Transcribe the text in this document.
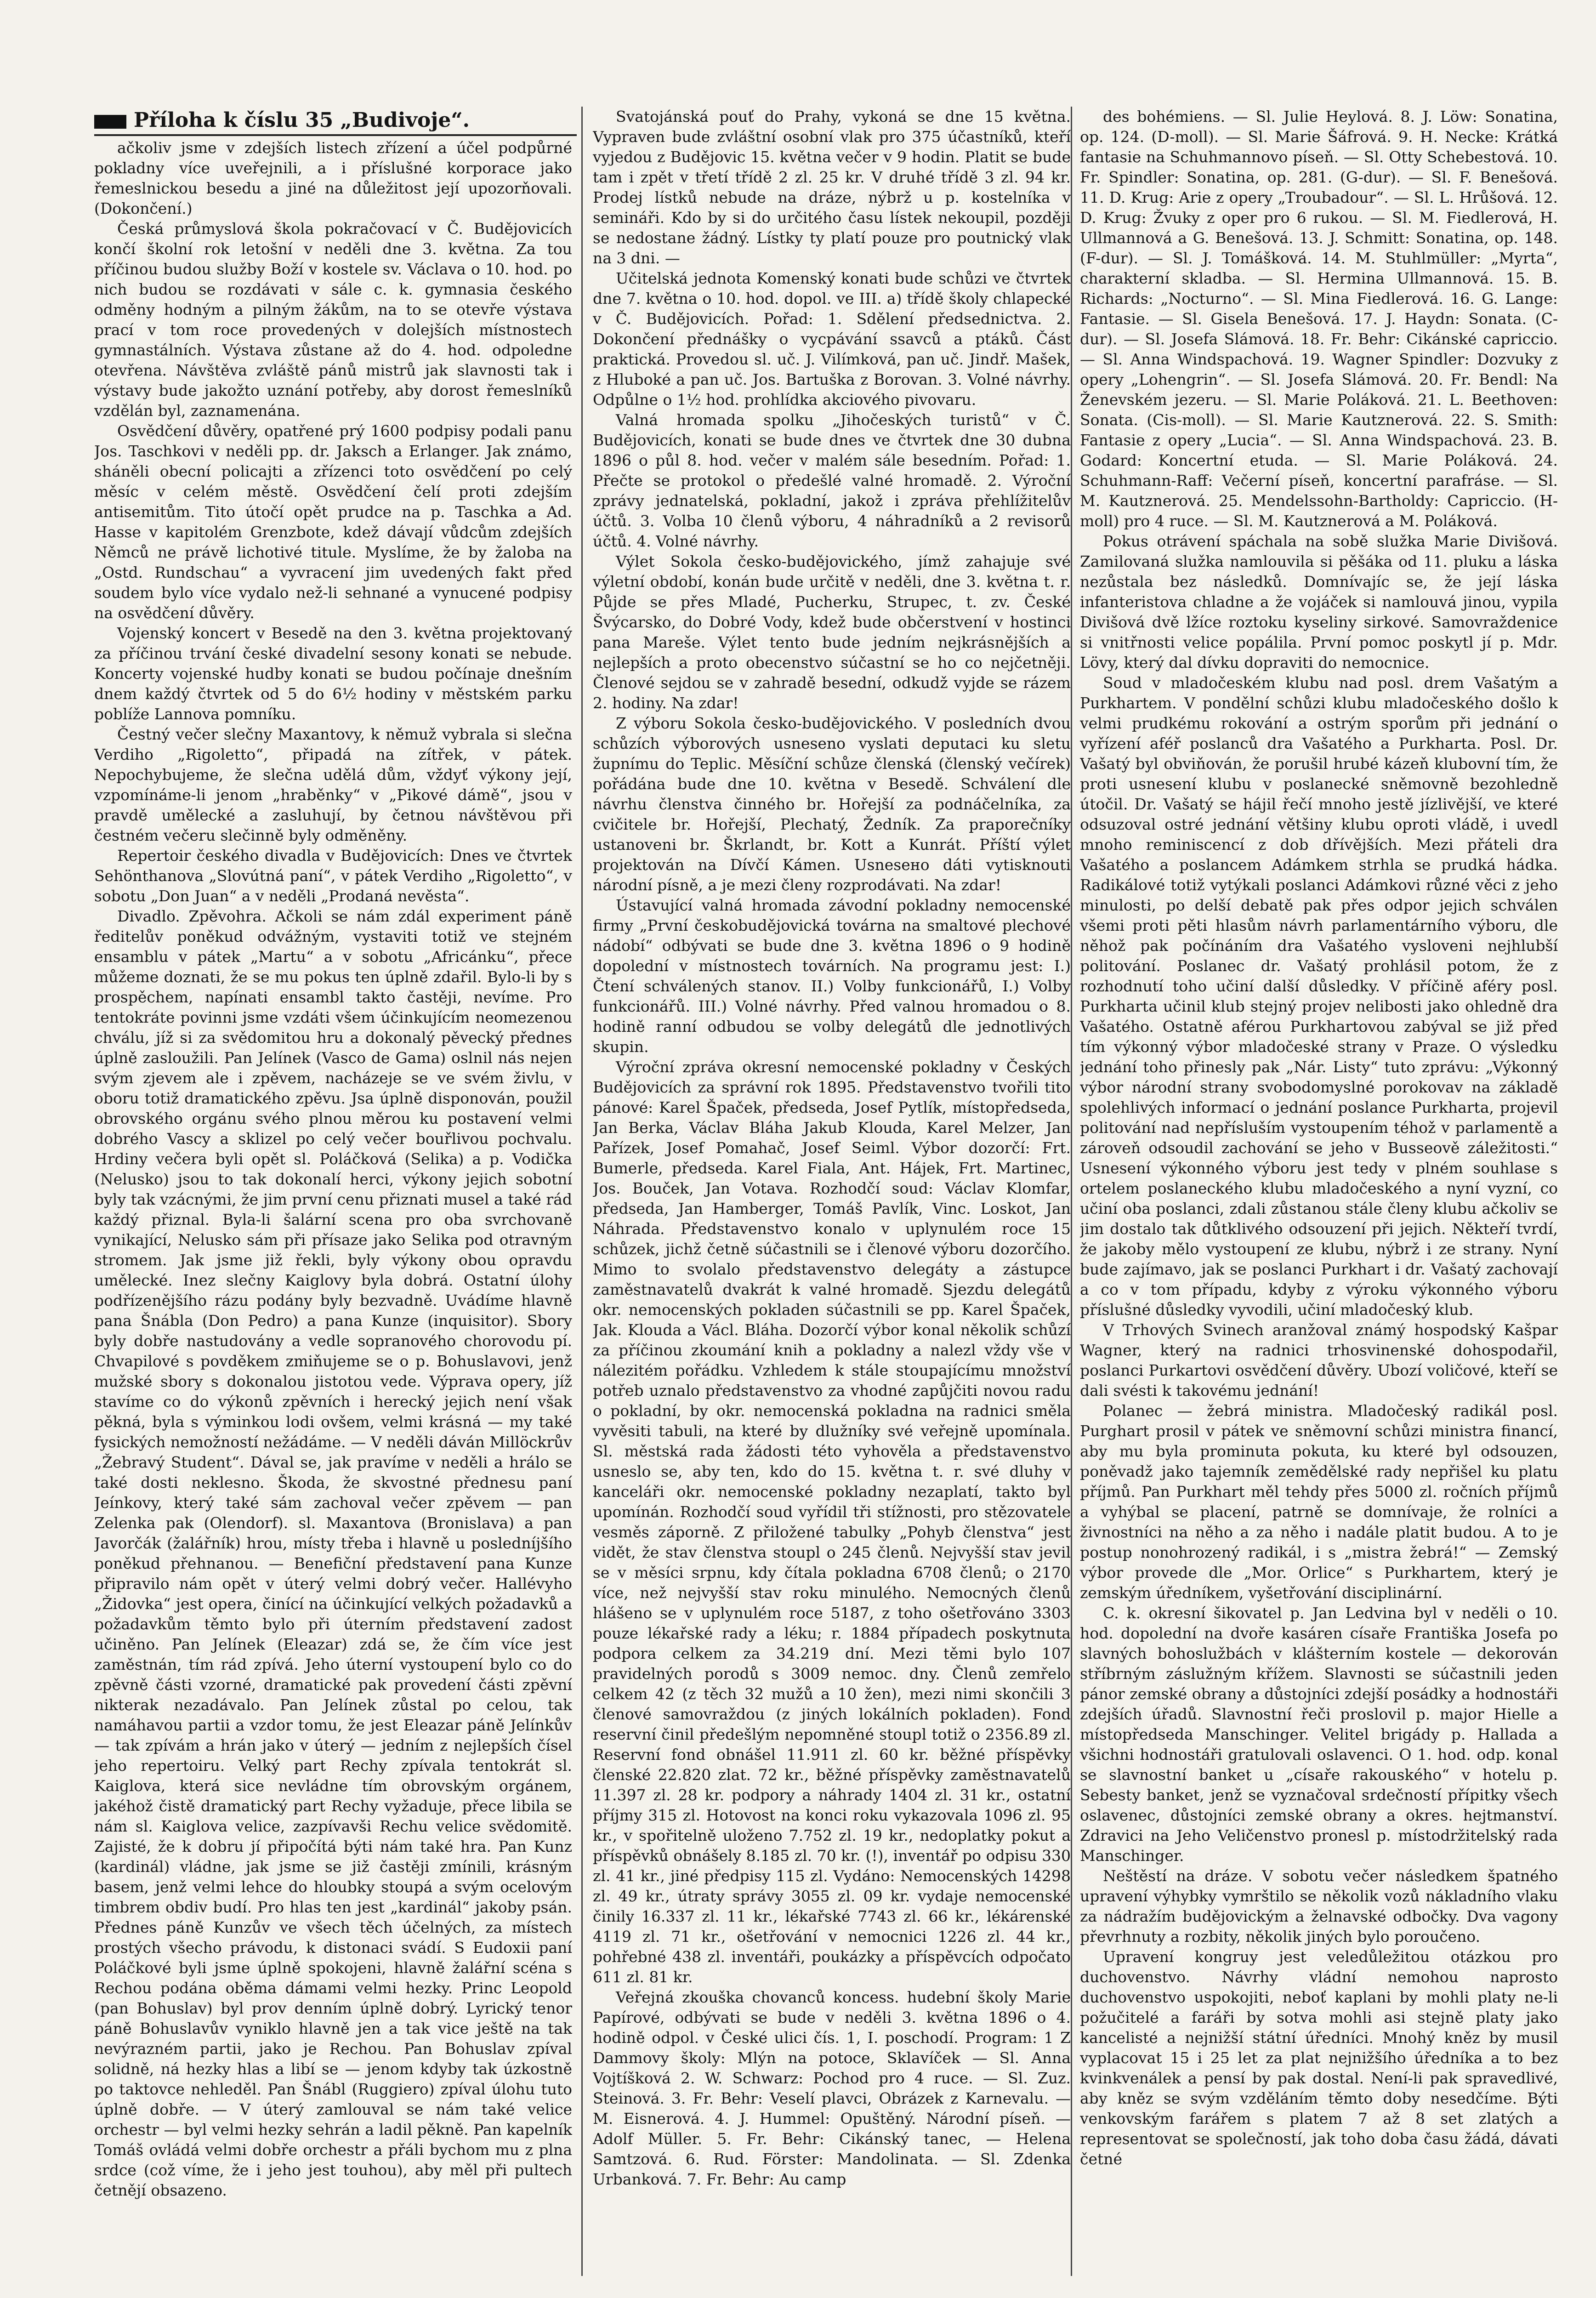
Příloha k číslu 35 „Budivoje“.

ačkoliv jsme v zdejších listech zřízení a účel podpůrné pokladny více uveřejnili, a i příslušné korporace jako řemeslnickou besedu a jiné na důležitost její upozorňovali. (Dokončení.)

Česká průmyslová škola pokračovací v Č. Budějovicích končí školní rok letošní v neděli dne 3. května. Za tou příčinou budou služby Boží v kostele sv. Václava o 10. hod. po nich budou se rozdávati v sále c. k. gymnasia českého odměny hodným a pilným žákům, na to se otevře výstava prací v tom roce provedených v dolejších místnostech gymnastálních. Výstava zůstane až do 4. hod. odpoledne otevřena. Návštěva zvláště pánů mistrů jak slavnosti tak i výstavy bude jakožto uznání potřeby, aby dorost řemeslníků vzdělán byl, zaznamenána.

Osvědčení důvěry, opatřené prý 1600 podpisy podali panu Jos. Taschkovi v neděli pp. dr. Jaksch a Erlanger. Jak známo, sháněli obecní policajti a zřízenci toto osvědčení po celý měsíc v celém městě. Osvědčení čelí proti zdejším antisemitům. Tito útočí opět prudce na p. Taschka a Ad. Hasse v kapitolém Grenzbote, kdež dávají vůdcům zdejších Němců ne právě lichotivé titule. Myslíme, že by žaloba na „Ostd. Rundschau“ a vyvracení jim uvedených fakt před soudem bylo více vydalo než-li sehnané a vynucené podpisy na osvědčení důvěry.

Vojenský koncert v Besedě na den 3. května projektovaný za příčinou trvání české divadelní sesony konati se nebude. Koncerty vojenské hudby konati se budou počínaje dnešním dnem každý čtvrtek od 5 do 6½ hodiny v městském parku poblíže Lannova pomníku.

Čestný večer slečny Maxantovy, k němuž vybrala si slečna Verdiho „Rigoletto“, připadá na zítřek, v pátek. Nepochybujeme, že slečna udělá dům, vždyť výkony její, vzpomínáme-li jenom „hraběnky“ v „Pikové dámě“, jsou v pravdě umělecké a zasluhují, by četnou návštěvou při čestném večeru slečinně byly odměněny.

Repertoir českého divadla v Budějovicích: Dnes ve čtvrtek Sehönthanova „Slovútná paní“, v pátek Verdiho „Rigoletto“, v sobotu „Don Juan“ a v neděli „Prodaná nevěsta“.

Divadlo. Zpěvohra. Ačkoli se nám zdál experiment páně ředitelův poněkud odvážným, vystaviti totiž ve stejném ensamblu v pátek „Martu“ a v sobotu „Africánku“, přece můžeme doznati, že se mu pokus ten úplně zdařil. Bylo-li by s prospěchem, napínati ensambl takto častěji, nevíme. Pro tentokráte povinni jsme vzdáti všem účinkujícím neomezenou chválu, jíž si za svědomitou hru a dokonalý pěvecký přednes úplně zasloužili. Pan Jelínek (Vasco de Gama) oslnil nás nejen svým zjevem ale i zpěvem, nacházeje se ve svém živlu, v oboru totiž dramatického zpěvu. Jsa úplně disponován, použil obrovského orgánu svého plnou měrou ku postavení velmi dobrého Vascy a sklizel po celý večer bouřlivou pochvalu. Hrdiny večera byli opět sl. Poláčková (Selika) a p. Vodička (Nelusko) jsou to tak dokonalí herci, výkony jejich sobotní byly tak vzácnými, že jim první cenu přiznati musel a také rád každý přiznal. Byla-li šalární scena pro oba svrchovaně vynikající, Nelusko sám při přísaze jako Selika pod otravným stromem. Jak jsme již řekli, byly výkony obou opravdu umělecké. Inez slečny Kaiglovy byla dobrá. Ostatní úlohy podřízenějšího rázu podány byly bezvadně. Uvádíme hlavně pana Šnábla (Don Pedro) a pana Kunze (inquisitor). Sbory byly dobře nastudovány a vedle sopranového chorovodu pí. Chvapilové s povděkem zmiňujeme se o p. Bohuslavovi, jenž mužské sbory s dokonalou jistotou vede. Výprava opery, jíž stavíme co do výkonů zpěvních i herecký jejich není však pěkná, byla s výminkou lodi ovšem, velmi krásná — my také fysických nemožností nežádáme. — V neděli dáván Millöckrův „Žebravý Student“. Dával se, jak pravíme v neděli a hrálo se také dosti neklesno. Škoda, že skvostné přednesu paní Jeínkovy, který také sám zachoval večer zpěvem — pan Zelenka pak (Olendorf). sl. Maxantova (Bronislava) a pan Javorčák (žalářník) hrou, místy třeba i hlavně u posledníjšího poněkud přehnanou. — Benefiční představení pana Kunze připravilo nám opět v úterý velmi dobrý večer. Hallévyho „Židovka“ jest opera, činící na účinkující velkých požadavků a požadavkům těmto bylo při úterním představení zadost učiněno. Pan Jelínek (Eleazar) zdá se, že čím více jest zaměstnán, tím rád zpívá. Jeho úterní vystoupení bylo co do zpěvně části vzorné, dramatické pak provedení části zpěvní nikterak nezadávalo. Pan Jelínek zůstal po celou, tak namáhavou partii a vzdor tomu, že jest Eleazar páně Jelínkův — tak zpívám a hrán jako v úterý — jedním z nejlepších čísel jeho repertoiru. Velký part Rechy zpívala tentokrát sl. Kaiglova, která sice nevládne tím obrovským orgánem, jakéhož čistě dramatický part Rechy vyžaduje, přece libila se nám sl. Kaiglova velice, zazpívavši Rechu velice svědomitě. Zajisté, že k dobru jí připočítá býti nám také hra. Pan Kunz (kardinál) vládne, jak jsme se již častěji zmínili, krásným basem, jenž velmi lehce do hloubky stoupá a svým ocelovým timbrem obdiv budí. Pro hlas ten jest „kardinál“ jakoby psán. Přednes páně Kunzův ve všech těch účelných, za místech prostých všecho právodu, k distonaci svádí. S Eudoxii paní Poláčkové byli jsme úplně spokojeni, hlavně žalářní scéna s Rechou podána oběma dámami velmi hezky. Princ Leopold (pan Bohuslav) byl prov denním úplně dobrý. Lyrický tenor páně Bohuslavův vyniklo hlavně jen a tak vice ještě na tak nevýrazném partii, jako je Rechou. Pan Bohuslav zpíval solidně, ná hezky hlas a libí se — jenom kdyby tak úzkostně po taktovce nehleděl. Pan Šnábl (Ruggiero) zpíval úlohu tuto úplně dobře. — V úterý zamlouval se nám také velice orchestr — byl velmi hezky sehrán a ladil pěkně. Pan kapelník Tomáš ovládá velmi dobře orchestr a přáli bychom mu z plna srdce (což víme, že i jeho jest touhou), aby měl při pultech četnějí obsazeno.

Svatojánská pouť do Prahy, vykoná se dne 15 května. Vypraven bude zvláštní osobní vlak pro 375 účastníků, kteří vyjedou z Budějovic 15. května večer v 9 hodin. Platit se bude tam i zpět v třetí třídě 2 zl. 25 kr. V druhé třídě 3 zl. 94 kr. Prodej lístků nebude na dráze, nýbrž u p. kostelníka v semináři. Kdo by si do určitého času lístek nekoupil, později se nedostane žádný. Lístky ty platí pouze pro poutnický vlak na 3 dni. —

Učitelská jednota Komenský konati bude schůzi ve čtvrtek dne 7. května o 10. hod. dopol. ve III. a) třídě školy chlapecké v Č. Budějovicích. Pořad: 1. Sdělení předsednictva. 2. Dokončení přednášky o vycpávání ssavců a ptáků. Část praktická. Provedou sl. uč. J. Vilímková, pan uč. Jindř. Mašek, z Hluboké a pan uč. Jos. Bartuška z Borovan. 3. Volné návrhy. Odpůlne o 1½ hod. prohlídka akciového pivovaru.

Valná hromada spolku „Jihočeských turistů“ v Č. Budějovicích, konati se bude dnes ve čtvrtek dne 30 dubna 1896 o půl 8. hod. večer v malém sále besedním. Pořad: 1. Přečte se protokol o předešlé valné hromadě. 2. Výroční zprávy jednatelská, pokladní, jakož i zpráva přehlížitelův účtů. 3. Volba 10 členů výboru, 4 náhradníků a 2 revisorů účtů. 4. Volné návrhy.

Výlet Sokola česko-budějovického, jímž zahajuje své výletní období, konán bude určitě v neděli, dne 3. května t. r. Půjde se přes Mladé, Pucherku, Strupec, t. zv. České Švýcarsko, do Dobré Vody, kdež bude občerstvení v hostinci pana Mareše. Výlet tento bude jedním nejkrásnějších a nejlepších a proto obecenstvo súčastní se ho co nejčetněji. Členové sejdou se v zahradě besední, odkudž vyjde se rázem 2. hodiny. Na zdar!

Z výboru Sokola česko-budějovického. V posledních dvou schůzích výborových usneseno vyslati deputaci ku sletu župnímu do Teplic. Měsíční schůze členská (členský večírek) pořádána bude dne 10. května v Besedě. Schválení dle návrhu členstva činného br. Hořejší za podnáčelníka, za cvičitele br. Hořejší, Plechatý, Žedník. Za praporečníky ustanoveni br. Škrlandt, br. Kott a Kunrát. Příští výlet projektován na Dívčí Kámen. Usnesено dáti vytisknouti národní písně, a je mezi členy rozprodávati. Na zdar!

Ústavující valná hromada závodní pokladny nemocenské firmy „První českobudějovická továrna na smaltové plechové nádobí“ odbývati se bude dne 3. května 1896 o 9 hodině dopolední v místnostech továrních. Na programu jest: I.) Čtení schválených stanov. II.) Volby funkcionářů, I.) Volby funkcionářů. III.) Volné návrhy. Před valnou hromadou o 8. hodině ranní odbudou se volby delegátů dle jednotlivých skupin.

Výroční zpráva okresní nemocenské pokladny v Českých Budějovicích za správní rok 1895. Představenstvo tvořili tito pánové: Karel Špaček, předseda, Josef Pytlík, místopředseda, Jan Berka, Václav Bláha Jakub Klouda, Karel Melzer, Jan Pařízek, Josef Pomahač, Josef Seiml. Výbor dozorčí: Frt. Bumerle, předseda. Karel Fiala, Ant. Hájek, Frt. Martinec, Jos. Bouček, Jan Votava. Rozhodčí soud: Václav Klomfar, předseda, Jan Hamberger, Tomáš Pavlík, Vinc. Loskot, Jan Náhrada. Představenstvo konalo v uplynulém roce 15 schůzek, jichž četně súčastnili se i členové výboru dozorčího. Mimo to svolalo představenstvo delegáty a zástupce zaměstnavatelů dvakrát k valné hromadě. Sjezdu delegátů okr. nemocenských pokladen súčastnili se pp. Karel Špaček, Jak. Klouda a Václ. Bláha. Dozorčí výbor konal několik schůzí za příčinou zkoumání knih a pokladny a nalezl vždy vše v nálezitém pořádku. Vzhledem k stále stoupajícímu množství potřeb uznalo představenstvo za vhodné zapůjčiti novou radu o pokladní, by okr. nemocenská pokladna na radnici směla vyvěsiti tabuli, na které by dlužníky své veřejně upomínala. Sl. městská rada žádosti této vyhověla a představenstvo usneslo se, aby ten, kdo do 15. května t. r. své dluhy v kanceláři okr. nemocenské pokladny nezaplatí, takto byl upomínán. Rozhodčí soud vyřídil tři stížnosti, pro stězovatele vesměs záporně. Z přiložené tabulky „Pohyb členstva“ jest vidět, že stav členstva stoupl o 245 členů. Nejvyšší stav jevil se v měsíci srpnu, kdy čítala pokladna 6708 členů; o 2170 více, než nejvyšší stav roku minulého. Nemocných členů hlášeno se v uplynulém roce 5187, z toho ošetřováno 3303 pouze lékařské rady a léku; r. 1884 případech poskytnuta podpora celkem za 34.219 dní. Mezi těmi bylo 107 pravidelných porodů s 3009 nemoc. dny. Členů zemřelo celkem 42 (z těch 32 mužů a 10 žen), mezi nimi skončili 3 členové samovraždou (z jiných lokálních pokladen). Fond reservní činil předešlým nepomněné stoupl totiž o 2356.89 zl. Reservní fond obnášel 11.911 zl. 60 kr. běžné příspěvky členské 22.820 zlat. 72 kr., běžné příspěvky zaměstnavatelů 11.397 zl. 28 kr. podpory a náhrady 1404 zl. 31 kr., ostatní příjmy 315 zl. Hotovost na konci roku vykazovala 1096 zl. 95 kr., v spořitelně uloženo 7.752 zl. 19 kr., nedoplatky pokut a příspěvků obnášely 8.185 zl. 70 kr. (!), inventář po odpisu 330 zl. 41 kr., jiné předpisy 115 zl. Vydáno: Nemocenských 14298 zl. 49 kr., útraty správy 3055 zl. 09 kr. vydaje nemocenské činily 16.337 zl. 11 kr., lékařské 7743 zl. 66 kr., lékárenské 4119 zl. 71 kr., ošetřování v nemocnici 1226 zl. 44 kr., pohřebné 438 zl. inventáři, poukázky a příspěvcích odpočato 611 zl. 81 kr.

Veřejná zkouška chovanců koncess. hudební školy Marie Papírové, odbývati se bude v neděli 3. května 1896 o 4. hodině odpol. v České ulici čís. 1, I. poschodí. Program: 1 Z Dammovy školy: Mlýn na potoce, Sklavíček — Sl. Anna Vojtíšková 2. W. Schwarz: Pochod pro 4 ruce. — Sl. Zuz. Steinová. 3. Fr. Behr: Veselí plavci, Obrázek z Karnevalu. — M. Eisnerová. 4. J. Hummel: Opuštěný. Národní píseň. — Adolf Müller. 5. Fr. Behr: Cikánský tanec, — Helena Samtzová. 6. Rud. Förster: Mandolinata. — Sl. Zdenka Urbanková. 7. Fr. Behr: Au camp

des bohémiens. — Sl. Julie Heylová. 8. J. Löw: Sonatina, op. 124. (D-moll). — Sl. Marie Šáfrová. 9. H. Necke: Krátká fantasie na Schuhmannovo píseň. — Sl. Otty Schebestová. 10. Fr. Spindler: Sonatina, op. 281. (G-dur). — Sl. F. Benešová. 11. D. Krug: Arie z opery „Troubadour“. — Sl. L. Hrůšová. 12. D. Krug: Žvuky z oper pro 6 rukou. — Sl. M. Fiedlerová, H. Ullmannová a G. Benešová. 13. J. Schmitt: Sonatina, op. 148. (F-dur). — Sl. J. Tomášková. 14. M. Stuhlmüller: „Myrta“, charakterní skladba. — Sl. Hermina Ullmannová. 15. B. Richards: „Nocturno“. — Sl. Mina Fiedlerová. 16. G. Lange: Fantasie. — Sl. Gisela Benešová. 17. J. Haydn: Sonata. (C-dur). — Sl. Josefa Slámová. 18. Fr. Behr: Cikánské capriccio. — Sl. Anna Windspachová. 19. Wagner Spindler: Dozvuky z opery „Lohengrin“. — Sl. Josefa Slámová. 20. Fr. Bendl: Na Ženevském jezeru. — Sl. Marie Poláková. 21. L. Beethoven: Sonata. (Cis-moll). — Sl. Marie Kautznerová. 22. S. Smith: Fantasie z opery „Lucia“. — Sl. Anna Windspachová. 23. B. Godard: Koncertní etuda. — Sl. Marie Poláková. 24. Schuhmann-Raff: Večerní píseň, koncertní parafráse. — Sl. M. Kautznerová. 25. Mendelssohn-Bartholdy: Capriccio. (H-moll) pro 4 ruce. — Sl. M. Kautznerová a M. Poláková.

Pokus otrávení spáchala na sobě služka Marie Divišová. Zamilovaná služka namlouvila si pěšáka od 11. pluku a láska nezůstala bez následků. Domnívajíc se, že její láska infanteristova chladne a že vojáček si namlouvá jinou, vypila Divišová dvě lžíce roztoku kyseliny sirkové. Samovraždenice si vnitřnosti velice popálila. První pomoc poskytl jí p. Mdr. Lövy, který dal dívku dopraviti do nemocnice.

Soud v mladočeském klubu nad posl. drem Vašatým a Purkhartem. V pondělní schůzi klubu mladočeského došlo k velmi prudkému rokování a ostrým sporům při jednání o vyřízení aféř poslanců dra Vašatého a Purkharta. Posl. Dr. Vašatý byl obviňován, že porušil hrubé kázeň klubovní tím, že proti usnesení klubu v poslanecké sněmovně bezohledně útočil. Dr. Vašatý se hájil řečí mnoho jestě jízlivější, ve které odsuzoval ostré jednání většiny klubu oproti vládě, i uvedl mnoho reminiscencí z dob dřívějších. Mezi přáteli dra Vašatého a poslancem Adámkem strhla se prudká hádka. Radikálové totiž vytýkali poslanci Adámkovi různé věci z jeho minulosti, po delší debatě pak přes odpor jejich schválen všemi proti pěti hlasům návrh parlamentárního výboru, dle něhož pak počínáním dra Vašatého vysloveni nejhlubší politování. Poslanec dr. Vašatý prohlásil potom, že z rozhodnutí toho učiní další důsledky. V příčině aféry posl. Purkharta učinil klub stejný projev nelibosti jako ohledně dra Vašatého. Ostatně aférou Purkhartovou zabýval se již před tím výkonný výbor mladočeské strany v Praze. O výsledku jednání toho přinesly pak „Nár. Listy“ tuto zprávu: „Výkonný výbor národní strany svobodomyslné porokovav na základě spolehlivých informací o jednání poslance Purkharta, projevil politování nad nepřísluším vystoupením téhož v parlamentě a zároveň odsoudil zachování se jeho v Busseově záležitosti.“ Usnesení výkonného výboru jest tedy v plném souhlase s ortelem poslaneckého klubu mladočeského a nyní vyzní, co učiní oba poslanci, zdali zůstanou stále členy klubu ačkoliv se jim dostalo tak důtklivého odsouzení při jejich. Někteří tvrdí, že jakoby mělo vystoupení ze klubu, nýbrž i ze strany. Nyní bude zajímavo, jak se poslanci Purkhart i dr. Vašatý zachovají a co v tom případu, kdyby z výroku výkonného výboru příslušné důsledky vyvodili, učiní mladočeský klub.

V Trhových Svinech aranžoval známý hospodský Kašpar Wagner, který na radnici trhosvinenské dohospodařil, poslanci Purkartovi osvědčení důvěry. Ubozí voličové, kteří se dali svésti k takovému jednání!

Polanec — žebrá ministra. Mladočeský radikál posl. Purghart prosil v pátek ve sněmovní schůzi ministra financí, aby mu byla prominuta pokuta, ku které byl odsouzen, poněvadž jako tajemník zemědělské rady nepřišel ku platu příjmů. Pan Purkhart měl tehdy přes 5000 zl. ročních příjmů a vyhýbal se placení, patrně se domnívaje, že rolníci a živnostníci na něho a za něho i nadále platit budou. A to je postup nonohrozený radikál, i s „mistra žebrá!“ — Zemský výbor provede dle „Mor. Orlice“ s Purkhartem, který je zemským úředníkem, vyšetřování disciplinární.

C. k. okresní šikovatel p. Jan Ledvina byl v neděli o 10. hod. dopolední na dvoře kasáren císaře Františka Josefa po slavných bohoslužbách v klášterním kostele — dekorován stříbrným záslužným křížem. Slavnosti se súčastnili jeden pánor zemské obrany a důstojníci zdejší posádky a hodnostáři zdejších úřadů. Slavnostní řeči proslovil p. major Hielle a místopředseda Manschinger. Velitel brigády p. Hallada a všichni hodnostáři gratulovali oslavenci. O 1. hod. odp. konal se slavnostní banket u „císaře rakouského“ v hotelu p. Sebesty banket, jenž se vyznačoval srdečností přípitky všech oslavenec, důstojníci zemské obrany a okres. hejtmanství. Zdravici na Jeho Veličenstvo pronesl p. místodržitelský rada Manschinger.

Neštěstí na dráze. V sobotu večer následkem špatného upravení výhybky vymrštilo se několik vozů nákladního vlaku za nádražím budějovickým a želnavské odbočky. Dva vagony převrhnuty a rozbity, několik jiných bylo poroučeno.

Upravení kongruy jest veledůležitou otázkou pro duchovenstvo. Návrhy vládní nemohou naprosto duchovenstvo uspokojiti, neboť kaplani by mohli platy ne-li požučitelé a faráři by sotva mohli asi stejně platy jako kancelisté a nejnižší státní úředníci. Mnohý kněz by musil vyplacovat 15 i 25 let za plat nejnižšího úředníka a to bez kvinkvenálek a pensí by pak dostal. Není-li pak spravedlivé, aby kněz se svým vzděláním těmto doby nesedčíme. Býti venkovským farářem s platem 7 až 8 set zlatých a representovat se společností, jak toho doba času žádá, dávati četné
